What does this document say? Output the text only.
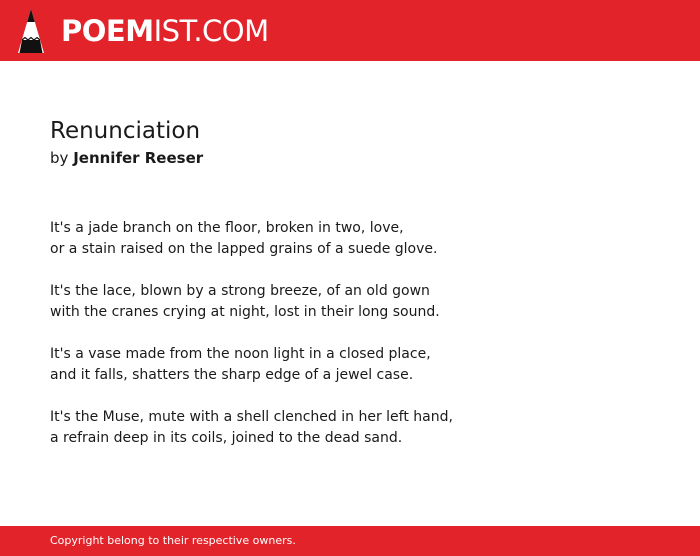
POEMIST.COM
Renunciation
by Jennifer Reeser
It's a jade branch on the floor, broken in two, love,
or a stain raised on the lapped grains of a suede glove.
It's the lace, blown by a strong breeze, of an old gown
with the cranes crying at night, lost in their long sound.
It's a vase made from the noon light in a closed place,
and it falls, shatters the sharp edge of a jewel case.
It's the Muse, mute with a shell clenched in her left hand,
a refrain deep in its coils, joined to the dead sand.
Copyright belong to their respective owners.
